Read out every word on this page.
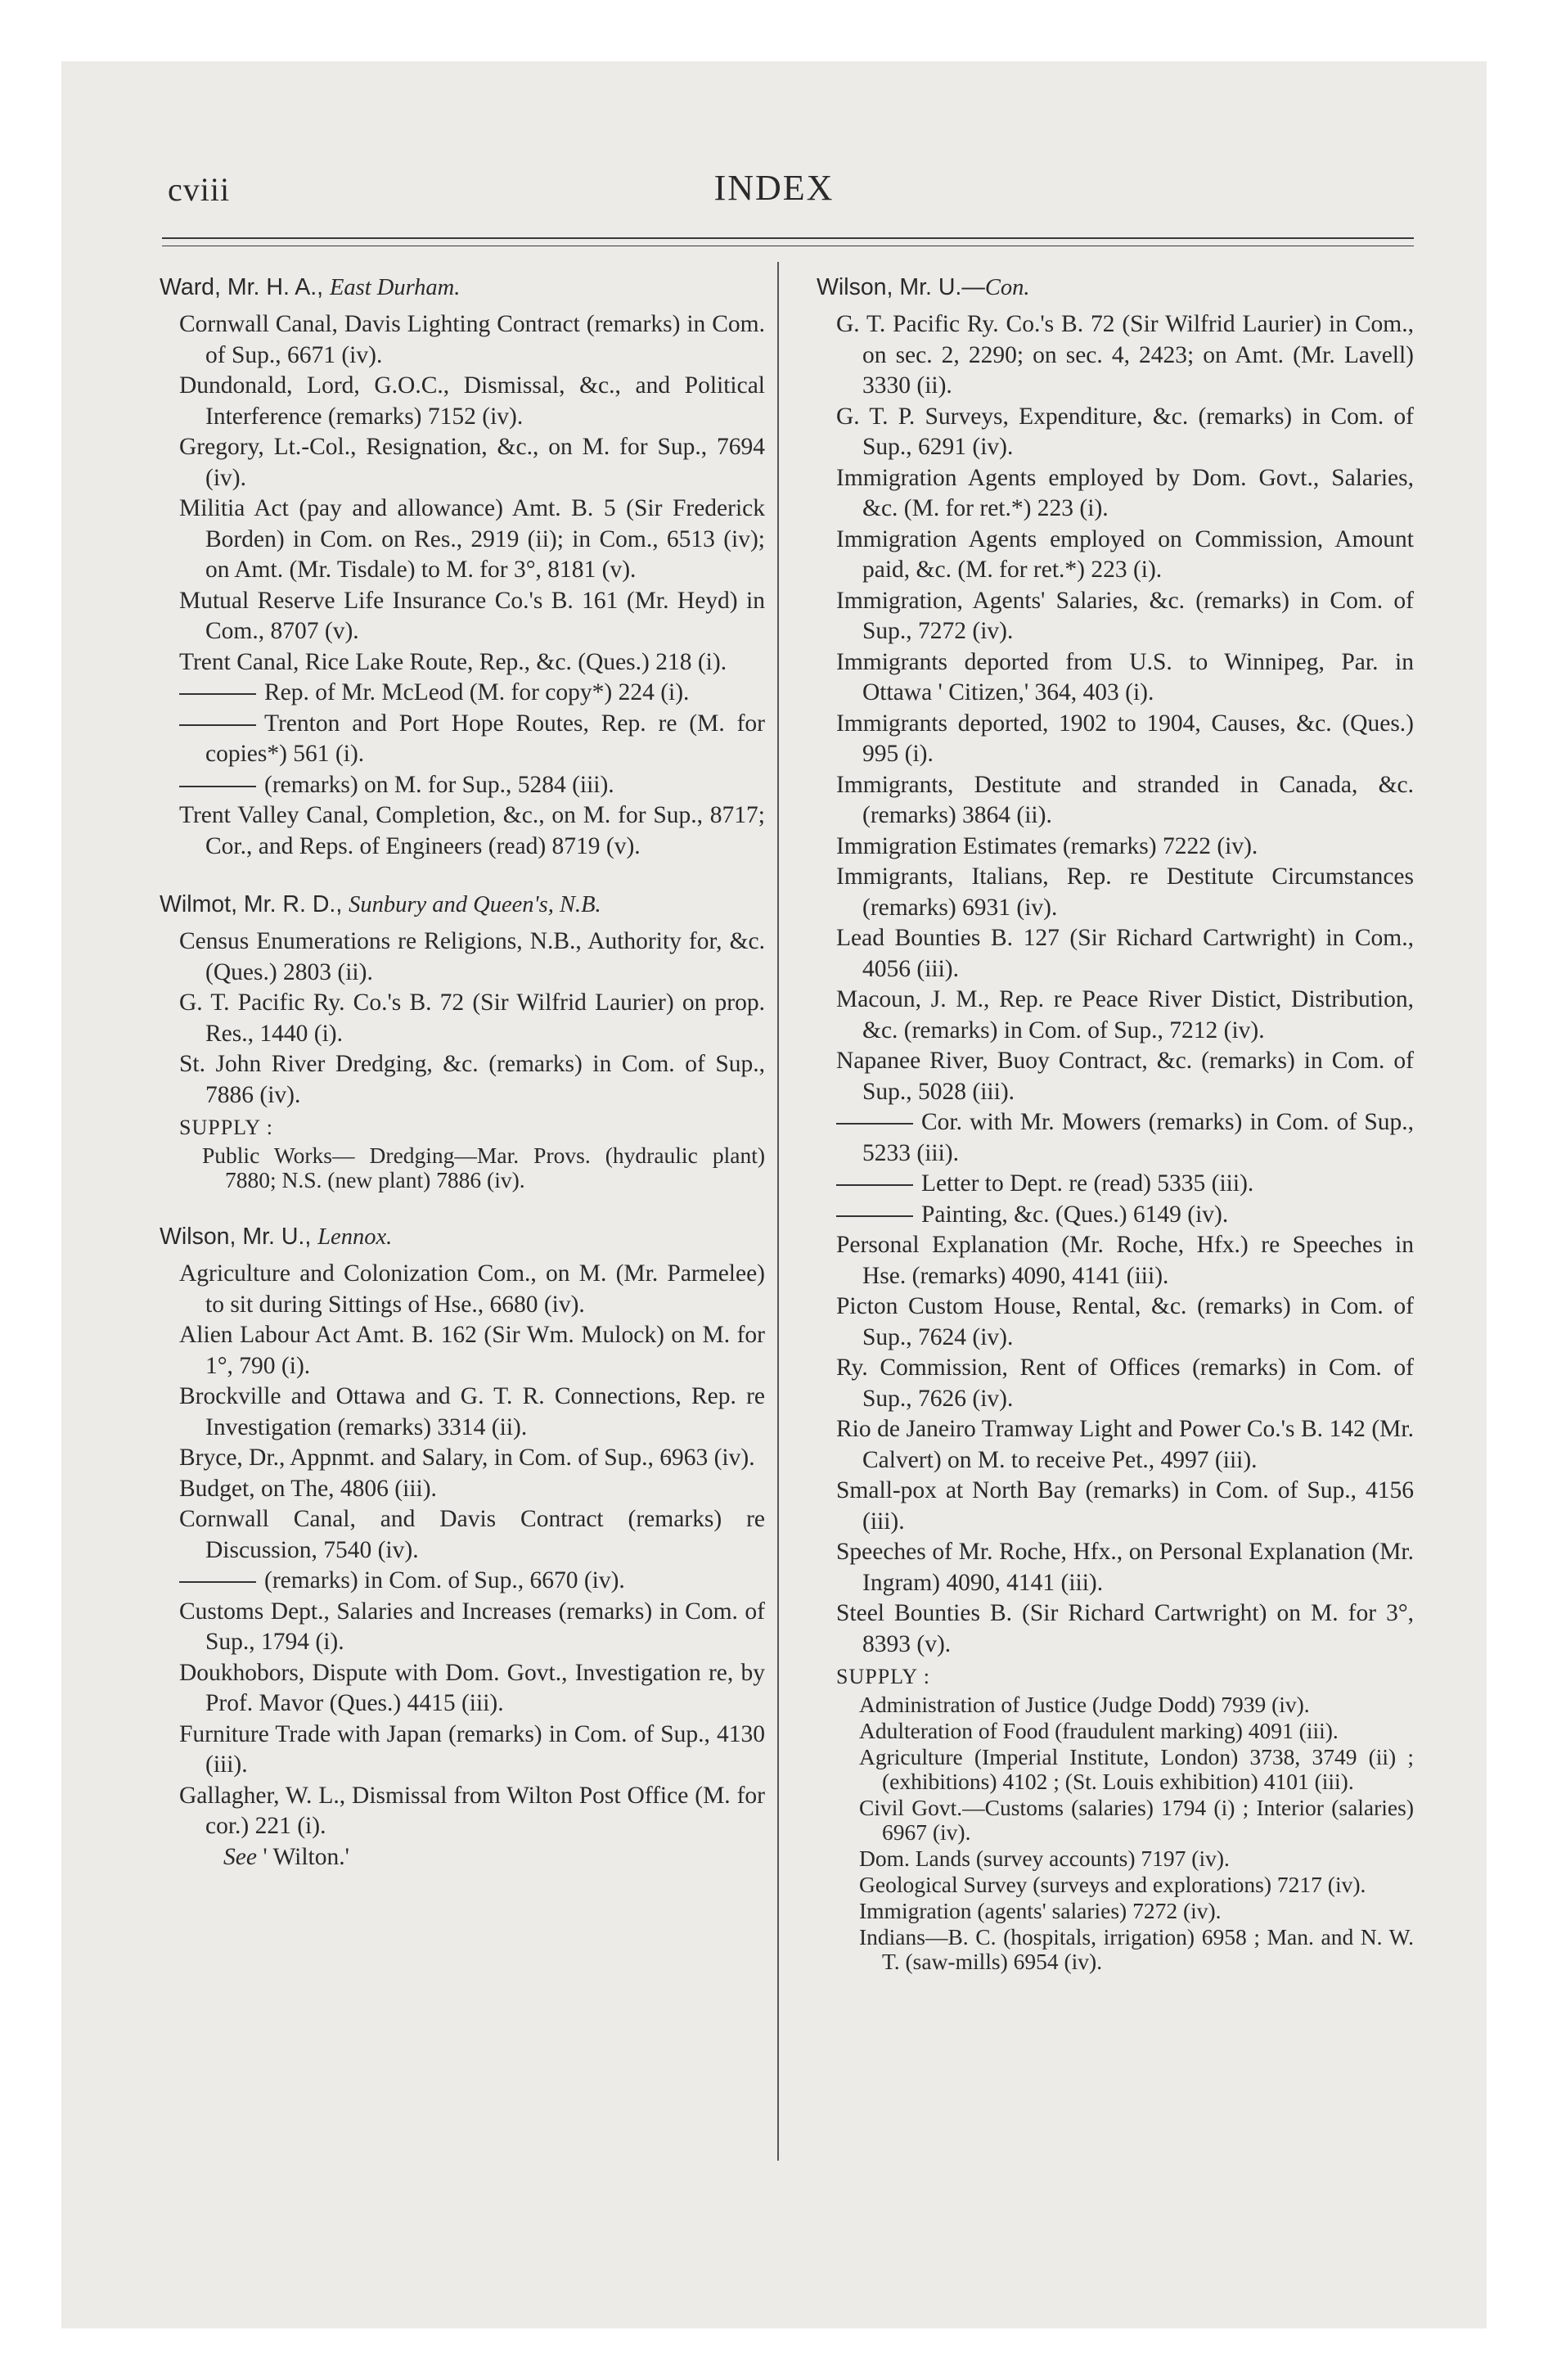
cviii	INDEX
Ward, Mr. H. A., East Durham.
Cornwall Canal, Davis Lighting Contract (remarks) in Com. of Sup., 6671 (iv).
Dundonald, Lord, G.O.C., Dismissal, &c., and Political Interference (remarks) 7152 (iv).
Gregory, Lt.-Col., Resignation, &c., on M. for Sup., 7694 (iv).
Militia Act (pay and allowance) Amt. B. 5 (Sir Frederick Borden) in Com. on Res., 2919 (ii); in Com., 6513 (iv); on Amt. (Mr. Tisdale) to M. for 3°, 8181 (v).
Mutual Reserve Life Insurance Co.'s B. 161 (Mr. Heyd) in Com., 8707 (v).
Trent Canal, Rice Lake Route, Rep., &c. (Ques.) 218 (i).
Rep. of Mr. McLeod (M. for copy*) 224 (i).
Trenton and Port Hope Routes, Rep. re (M. for copies*) 561 (i).
(remarks) on M. for Sup., 5284 (iii).
Trent Valley Canal, Completion, &c., on M. for Sup., 8717; Cor., and Reps. of Engineers (read) 8719 (v).
Wilmot, Mr. R. D., Sunbury and Queen's, N.B.
Census Enumerations re Religions, N.B., Authority for, &c. (Ques.) 2803 (ii).
G. T. Pacific Ry. Co.'s B. 72 (Sir Wilfrid Laurier) on prop. Res., 1440 (i).
St. John River Dredging, &c. (remarks) in Com. of Sup., 7886 (iv).
SUPPLY :
Public Works— Dredging—Mar. Provs. (hydraulic plant) 7880; N.S. (new plant) 7886 (iv).
Wilson, Mr. U., Lennox.
Agriculture and Colonization Com., on M. (Mr. Parmelee) to sit during Sittings of Hse., 6680 (iv).
Alien Labour Act Amt. B. 162 (Sir Wm. Mulock) on M. for 1°, 790 (i).
Brockville and Ottawa and G. T. R. Connections, Rep. re Investigation (remarks) 3314 (ii).
Bryce, Dr., Appnmt. and Salary, in Com. of Sup., 6963 (iv).
Budget, on The, 4806 (iii).
Cornwall Canal, and Davis Contract (remarks) re Discussion, 7540 (iv).
(remarks) in Com. of Sup., 6670 (iv).
Customs Dept., Salaries and Increases (remarks) in Com. of Sup., 1794 (i).
Doukhobors, Dispute with Dom. Govt., Investigation re, by Prof. Mavor (Ques.) 4415 (iii).
Furniture Trade with Japan (remarks) in Com. of Sup., 4130 (iii).
Gallagher, W. L., Dismissal from Wilton Post Office (M. for cor.) 221 (i).
See ' Wilton.'
Wilson, Mr. U.—Con.
G. T. Pacific Ry. Co.'s B. 72 (Sir Wilfrid Laurier) in Com., on sec. 2, 2290; on sec. 4, 2423; on Amt. (Mr. Lavell) 3330 (ii).
G. T. P. Surveys, Expenditure, &c. (remarks) in Com. of Sup., 6291 (iv).
Immigration Agents employed by Dom. Govt., Salaries, &c. (M. for ret.*) 223 (i).
Immigration Agents employed on Commission, Amount paid, &c. (M. for ret.*) 223 (i).
Immigration, Agents' Salaries, &c. (remarks) in Com. of Sup., 7272 (iv).
Immigrants deported from U.S. to Winnipeg, Par. in Ottawa ' Citizen,' 364, 403 (i).
Immigrants deported, 1902 to 1904, Causes, &c. (Ques.) 995 (i).
Immigrants, Destitute and stranded in Canada, &c. (remarks) 3864 (ii).
Immigration Estimates (remarks) 7222 (iv).
Immigrants, Italians, Rep. re Destitute Circumstances (remarks) 6931 (iv).
Lead Bounties B. 127 (Sir Richard Cartwright) in Com., 4056 (iii).
Macoun, J. M., Rep. re Peace River Distict, Distribution, &c. (remarks) in Com. of Sup., 7212 (iv).
Napanee River, Buoy Contract, &c. (remarks) in Com. of Sup., 5028 (iii).
Cor. with Mr. Mowers (remarks) in Com. of Sup., 5233 (iii).
Letter to Dept. re (read) 5335 (iii).
Painting, &c. (Ques.) 6149 (iv).
Personal Explanation (Mr. Roche, Hfx.) re Speeches in Hse. (remarks) 4090, 4141 (iii).
Picton Custom House, Rental, &c. (remarks) in Com. of Sup., 7624 (iv).
Ry. Commission, Rent of Offices (remarks) in Com. of Sup., 7626 (iv).
Rio de Janeiro Tramway Light and Power Co.'s B. 142 (Mr. Calvert) on M. to receive Pet., 4997 (iii).
Small-pox at North Bay (remarks) in Com. of Sup., 4156 (iii).
Speeches of Mr. Roche, Hfx., on Personal Explanation (Mr. Ingram) 4090, 4141 (iii).
Steel Bounties B. (Sir Richard Cartwright) on M. for 3°, 8393 (v).
SUPPLY :
Administration of Justice (Judge Dodd) 7939 (iv).
Adulteration of Food (fraudulent marking) 4091 (iii).
Agriculture (Imperial Institute, London) 3738, 3749 (ii) ; (exhibitions) 4102 ; (St. Louis exhibition) 4101 (iii).
Civil Govt.—Customs (salaries) 1794 (i) ; Interior (salaries) 6967 (iv).
Dom. Lands (survey accounts) 7197 (iv).
Geological Survey (surveys and explorations) 7217 (iv).
Immigration (agents' salaries) 7272 (iv).
Indians—B. C. (hospitals, irrigation) 6958 ; Man. and N. W. T. (saw-mills) 6954 (iv).
